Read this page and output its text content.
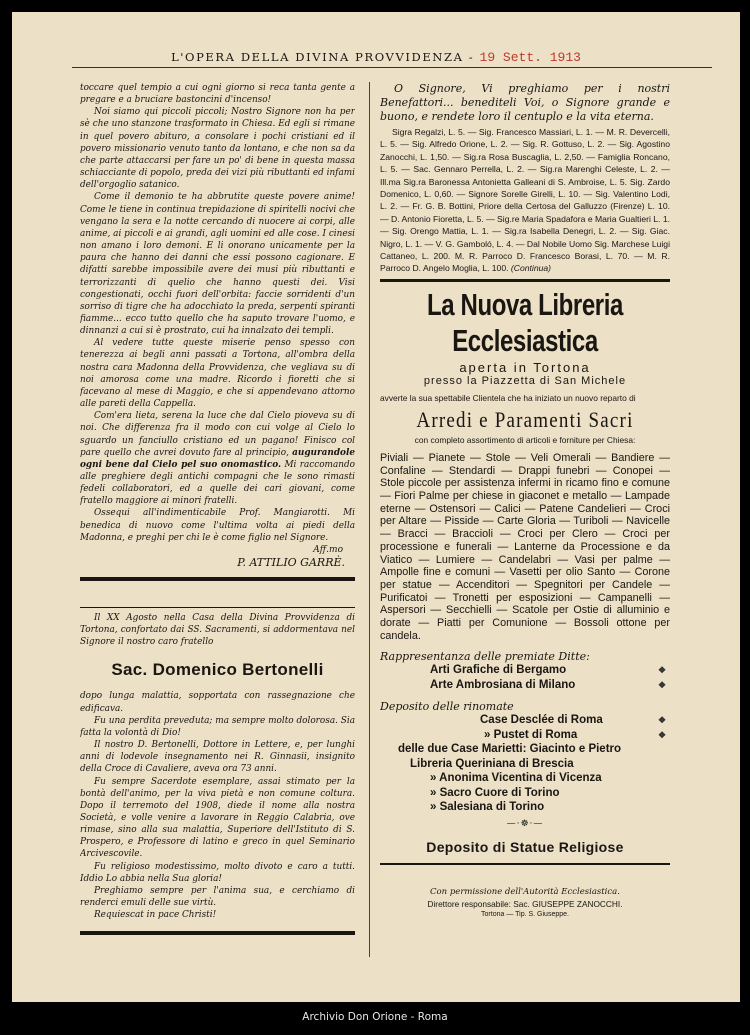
L'OPERA DELLA DIVINA PROVVIDENZA - 19 Sett. 1913

toccare quel tempio a cui ogni giorno si reca tanta gente a pregare e a bruciare bastoncini d'incenso!

Noi siamo qui piccoli piccoli; Nostro Signore non ha per sè che uno stanzone trasformato in Chiesa. Ed egli si rimane in quel povero abituro, a consolare i pochi cristiani ed il povero missionario venuto tanto da lontano, e che non sa da che parte attaccarsi per fare un po' di bene in questa massa schiacciante di popolo, preda dei vizi più ributtanti ed infami dell'orgoglio satanico.

Come il demonio te ha abbrutite queste povere anime! Come le tiene in continua trepidazione di spiritelli nocivi che vengano la sera e la notte cercando di nuocere ai corpi, alle anime, ai piccoli e ai grandi, agli uomini ed alle cose. I cinesi non amano i loro demoni. E li onorano unicamente per la paura che hanno dei danni che essi possono cagionare. E difatti sarebbe impossibile avere dei musi più ributtanti e terrorizzanti di quelio che hanno questi dei. Visi congestionati, occhi fuori dell'orbita: faccie sorridenti d'un sorriso di tigre che ha adocchiato la preda, serpenti spiranti fiamme... ecco tutto quello che ha saputo trovare l'uomo, e dinnanzi a cui si è prostrato, cui ha innalzato dei templi.

Al vedere tutte queste miserie penso spesso con tenerezza ai begli anni passati a Tortona, all'ombra della nostra cara Madonna della Provvidenza, che vegliava su di noi amorosa come una madre. Ricordo i fioretti che si facevano al mese di Maggio, e che si appendevano attorno alle pareti della Cappella.

Com'era lieta, serena la luce che dal Cielo pioveva su di noi. Che differenza fra il modo con cui volge al Cielo lo sguardo un fanciullo cristiano ed un pagano! Finisco col pare quello che avrei dovuto fare al principio, augurandole ogni bene dal Cielo pel suo onomastico. Mi raccomando alle preghiere degli antichi compagni che le sono rimasti fedeli collaboratori, ed a quelle dei cari giovani, come fratello maggiore ai minori fratelli.

Ossequi all'indimenticabile Prof. Mangiarotti. Mi benedica di nuovo come l'ultima volta ai piedi della Madonna, e preghi per chi le è come figlio nel Signore.

Aff.mo

P. ATTILIO GARRÈ.

Il XX Agosto nella Casa della Divina Provvidenza di Tortona, confortato dai SS. Sacramenti, si addormentava nel Signore il nostro caro fratello

Sac. Domenico Bertonelli

dopo lunga malattia, sopportata con rassegnazione che edificava.

Fu una perdita preveduta; ma sempre molto dolorosa. Sia fatta la volontà di Dio!

Il nostro D. Bertonelli, Dottore in Lettere, e, per lunghi anni di lodevole insegnamento nei R. Ginnasii, insignito della Croce di Cavaliere, aveva ora 73 anni.

Fu sempre Sacerdote esemplare, assai stimato per la bontà dell'animo, per la viva pietà e non comune coltura. Dopo il terremoto del 1908, diede il nome alla nostra Società, e volle venire a lavorare in Reggio Calabria, ove rimase, sino alla sua malattia, Superiore dell'Istituto di S. Prospero, e Professore di latino e greco in quel Seminario Arcivescovile.

Fu religioso modestissimo, molto divoto e caro a tutti. Iddio Lo abbia nella Sua gloria!

Preghiamo sempre per l'anima sua, e cerchiamo di renderci emuli delle sue virtù.

Requiescat in pace Christi!

O Signore, Vi preghiamo per i nostri Benefattori... benediteli Voi, o Signore grande e buono, e rendete loro il centuplo e la vita eterna.

Sigra Regalzi, L. 5. — Sig. Francesco Massiari, L. 1. — M. R. Devercelli, L. 5. — Sig. Alfredo Orione, L. 2. — Sig. R. Gottuso, L. 2. — Sig. Agostino Zanocchi, L. 1,50. — Sig.ra Rosa Buscaglia, L. 2,50. — Famiglia Roncano, L. 5. — Sac. Gennaro Perrella, L. 2. — Sig.ra Marenghi Celeste, L. 2. — Ill.ma Sig.ra Baronessa Antonietta Galleani di S. Ambroise, L. 5. Sig. Zardo Domenico, L. 0,60. — Signore Sorelle Girelli, L. 10. — Sig. Valentino Lodi, L. 2. — Fr. G. B. Bottini, Priore della Certosa del Galluzzo (Firenze) L. 10. — D. Antonio Fioretta, L. 5. — Sig.re Maria Spadafora e Maria Gualtieri L. 1. — Sig. Orengo Mattia, L. 1. — Sig.ra Isabella Denegri, L. 2. — Sig. Giac. Nigro, L. 1. — V. G. Gamboló, L. 4. — Dal Nobile Uomo Sig. Marchese Luigi Cattaneo, L. 200. M. R. Parroco D. Francesco Borasi, L. 70. — M. R. Parroco D. Angelo Moglia, L. 100. (Continua)

La Nuova Libreria Ecclesiastica

aperta in Tortona

presso la Piazzetta di San Michele

avverte la sua spettabile Clientela che ha iniziato un nuovo reparto di

Arredi e Paramenti Sacri

con completo assortimento di articoli e forniture per Chiesa:

Piviali — Pianete — Stole — Veli Omerali — Bandiere — Confaline — Stendardi — Drappi funebri — Conopei — Stole piccole per assistenza infermi in ricamo fino e comune — Fiori Palme per chiese in giaconet e metallo — Lampade eterne — Ostensori — Calici — Patene Candelieri — Croci per Altare — Pisside — Carte Gloria — Turiboli — Navicelle — Bracci — Braccioli — Croci per Clero — Croci per processione e funerali — Lanterne da Processione e da Viatico — Lumiere — Candelabri — Vasi per palme — Ampolle fine e comuni — Vasetti per olio Santo — Corone per statue — Accenditori — Spegnitori per Candele — Purificatoi — Tronetti per esposizioni — Campanelli — Aspersori — Secchielli — Scatole per Ostie di alluminio e dorate — Piatti per Comunione — Bossoli ottone per candela.

Rappresentanza delle premiate Ditte:

Arti Grafiche di Bergamo	❖
Arte Ambrosiana di Milano	❖

Deposito delle rinomate

Case Desclée di Roma	❖
» Pustet di Roma	❖
delle due Case Marietti: Giacinto e Pietro
Libreria Queriniana di Brescia
» Anonima Vicentina di Vicenza
» Sacro Cuore di Torino
» Salesiana di Torino
—·☸·—

Deposito di Statue Religiose

Con permissione dell'Autorità Ecclesiastica.

Direttore responsabile: Sac. GIUSEPPE ZANOCCHI.

Tortona — Tip. S. Giuseppe.

Archivio Don Orione - Roma
